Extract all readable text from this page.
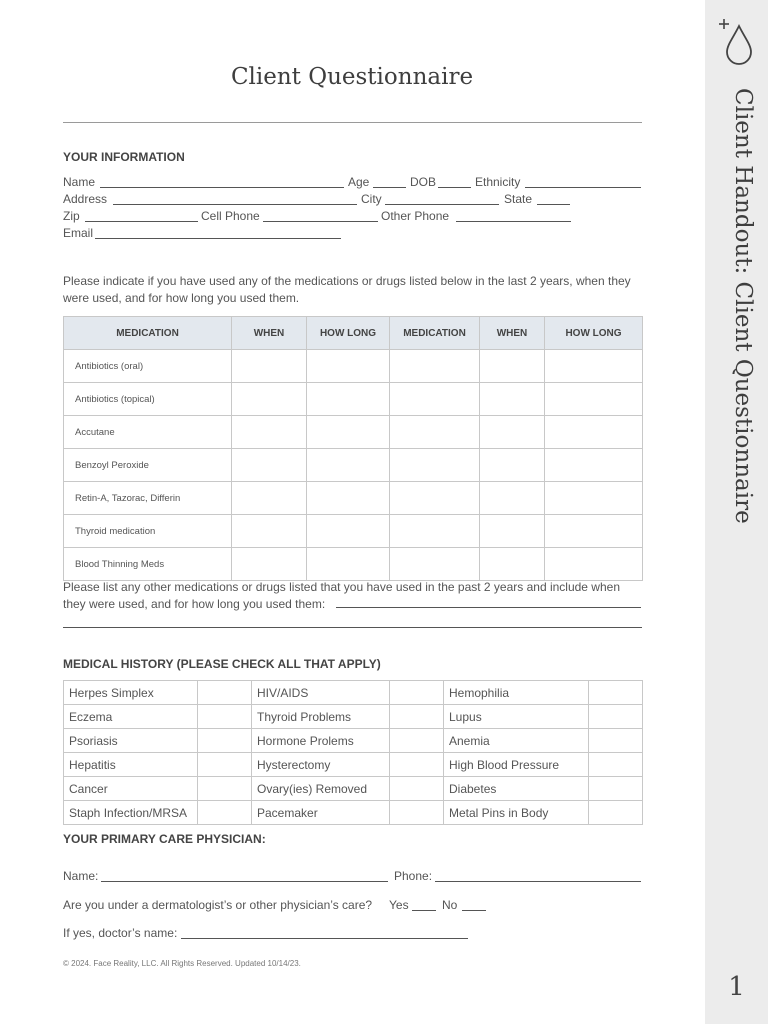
Client Questionnaire
YOUR INFORMATION
Name	Age	DOB	Ethnicity
Address	City	State
Zip	Cell Phone	Other Phone
Email
Please indicate if you have used any of the medications or drugs listed below in the last 2 years, when they were used, and for how long you used them.
MEDICATION	WHEN	HOW LONG	MEDICATION	WHEN	HOW LONG
Antibiotics (oral)					
Antibiotics (topical)					
Accutane					
Benzoyl Peroxide					
Retin-A, Tazorac, Differin					
Thyroid medication					
Blood Thinning Meds					
Please list any other medications or drugs listed that you have used in the past 2 years and include when they were used, and for how long you used them:
MEDICAL HISTORY (PLEASE CHECK ALL THAT APPLY)
Herpes Simplex		HIV/AIDS		Hemophilia	
Eczema		Thyroid Problems		Lupus	
Psoriasis		Hormone Prolems		Anemia	
Hepatitis		Hysterectomy		High Blood Pressure	
Cancer		Ovary(ies) Removed		Diabetes	
Staph Infection/MRSA		Pacemaker		Metal Pins in Body	
YOUR PRIMARY CARE PHYSICIAN:
Name:	Phone:
Are you under a dermatologist’s or other physician’s care? Yes	No
If yes, doctor’s name:
© 2024. Face Reality, LLC. All Rights Reserved. Updated 10/14/23.
Client Handout: Client Questionnaire
1
